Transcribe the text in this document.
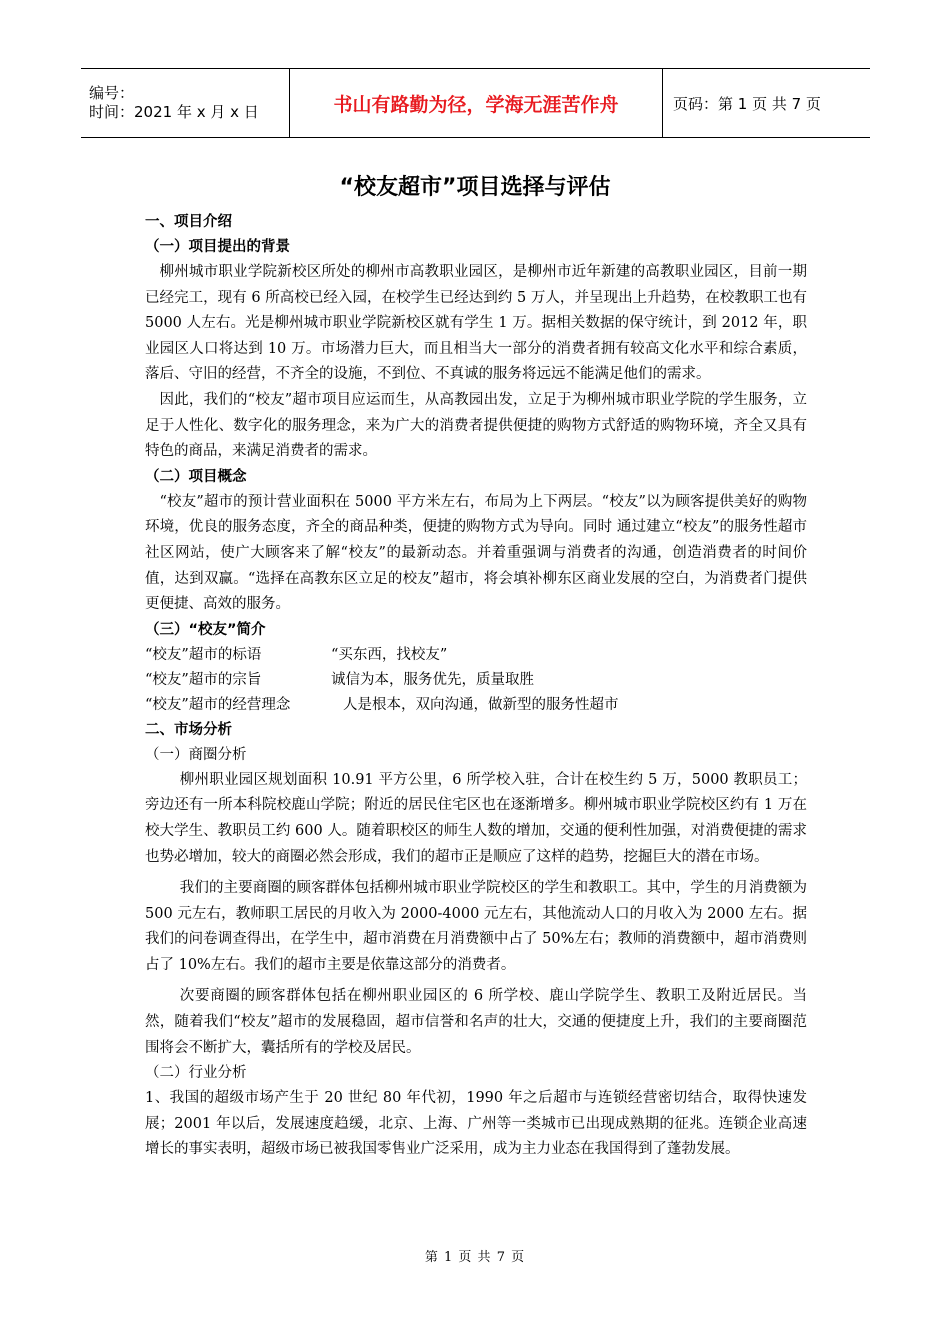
编号：
时间：2021 年 x 月 x 日	书山有路勤为径，学海无涯苦作舟	页码：第 1 页 共 7 页
“校友超市”项目选择与评估
一、项目介绍
（一）项目提出的背景
柳州城市职业学院新校区所处的柳州市高教职业园区，是柳州市近年新建的高教职业园区，目前一期已经完工，现有 6 所高校已经入园，在校学生已经达到约 5 万人，并呈现出上升趋势，在校教职工也有 5000 人左右。光是柳州城市职业学院新校区就有学生 1 万。据相关数据的保守统计，到 2012 年，职业园区人口将达到 10 万。市场潜力巨大，而且相当大一部分的消费者拥有较高文化水平和综合素质，落后、守旧的经营，不齐全的设施，不到位、不真诚的服务将远远不能满足他们的需求。
因此，我们的“校友”超市项目应运而生，从高教园出发，立足于为柳州城市职业学院的学生服务，立足于人性化、数字化的服务理念，来为广大的消费者提供便捷的购物方式舒适的购物环境，齐全又具有特色的商品，来满足消费者的需求。
（二）项目概念
“校友”超市的预计营业面积在 5000 平方米左右，布局为上下两层。“校友”以为顾客提供美好的购物环境，优良的服务态度，齐全的商品种类，便捷的购物方式为导向。同时 通过建立“校友”的服务性超市社区网站，使广大顾客来了解“校友”的最新动态。并着重强调与消费者的沟通，创造消费者的时间价值，达到双赢。“选择在高教东区立足的校友”超市，将会填补柳东区商业发展的空白，为消费者门提供更便捷、高效的服务。
（三）“校友”简介
“校友”超市的标语	“买东西，找校友”
“校友”超市的宗旨	诚信为本，服务优先，质量取胜
“校友”超市的经营理念	人是根本，双向沟通，做新型的服务性超市
二、市场分析
（一）商圈分析
柳州职业园区规划面积 10.91 平方公里，6 所学校入驻，合计在校生约 5 万，5000 教职员工；旁边还有一所本科院校鹿山学院；附近的居民住宅区也在逐渐增多。柳州城市职业学院校区约有 1 万在校大学生、教职员工约 600 人。随着职校区的师生人数的增加，交通的便利性加强，对消费便捷的需求也势必增加，较大的商圈必然会形成，我们的超市正是顺应了这样的趋势，挖掘巨大的潜在市场。
我们的主要商圈的顾客群体包括柳州城市职业学院校区的学生和教职工。其中，学生的月消费额为 500 元左右，教师职工居民的月收入为 2000-4000 元左右，其他流动人口的月收入为 2000 左右。据我们的问卷调查得出，在学生中，超市消费在月消费额中占了 50%左右；教师的消费额中，超市消费则占了 10%左右。我们的超市主要是依靠这部分的消费者。
次要商圈的顾客群体包括在柳州职业园区的 6 所学校、鹿山学院学生、教职工及附近居民。当然，随着我们“校友”超市的发展稳固，超市信誉和名声的壮大，交通的便捷度上升，我们的主要商圈范围将会不断扩大，囊括所有的学校及居民。
（二）行业分析
1、我国的超级市场产生于 20 世纪 80 年代初，1990 年之后超市与连锁经营密切结合，取得快速发展；2001 年以后，发展速度趋缓，北京、上海、广州等一类城市已出现成熟期的征兆。连锁企业高速增长的事实表明，超级市场已被我国零售业广泛采用，成为主力业态在我国得到了蓬勃发展。
第 1 页 共 7 页
